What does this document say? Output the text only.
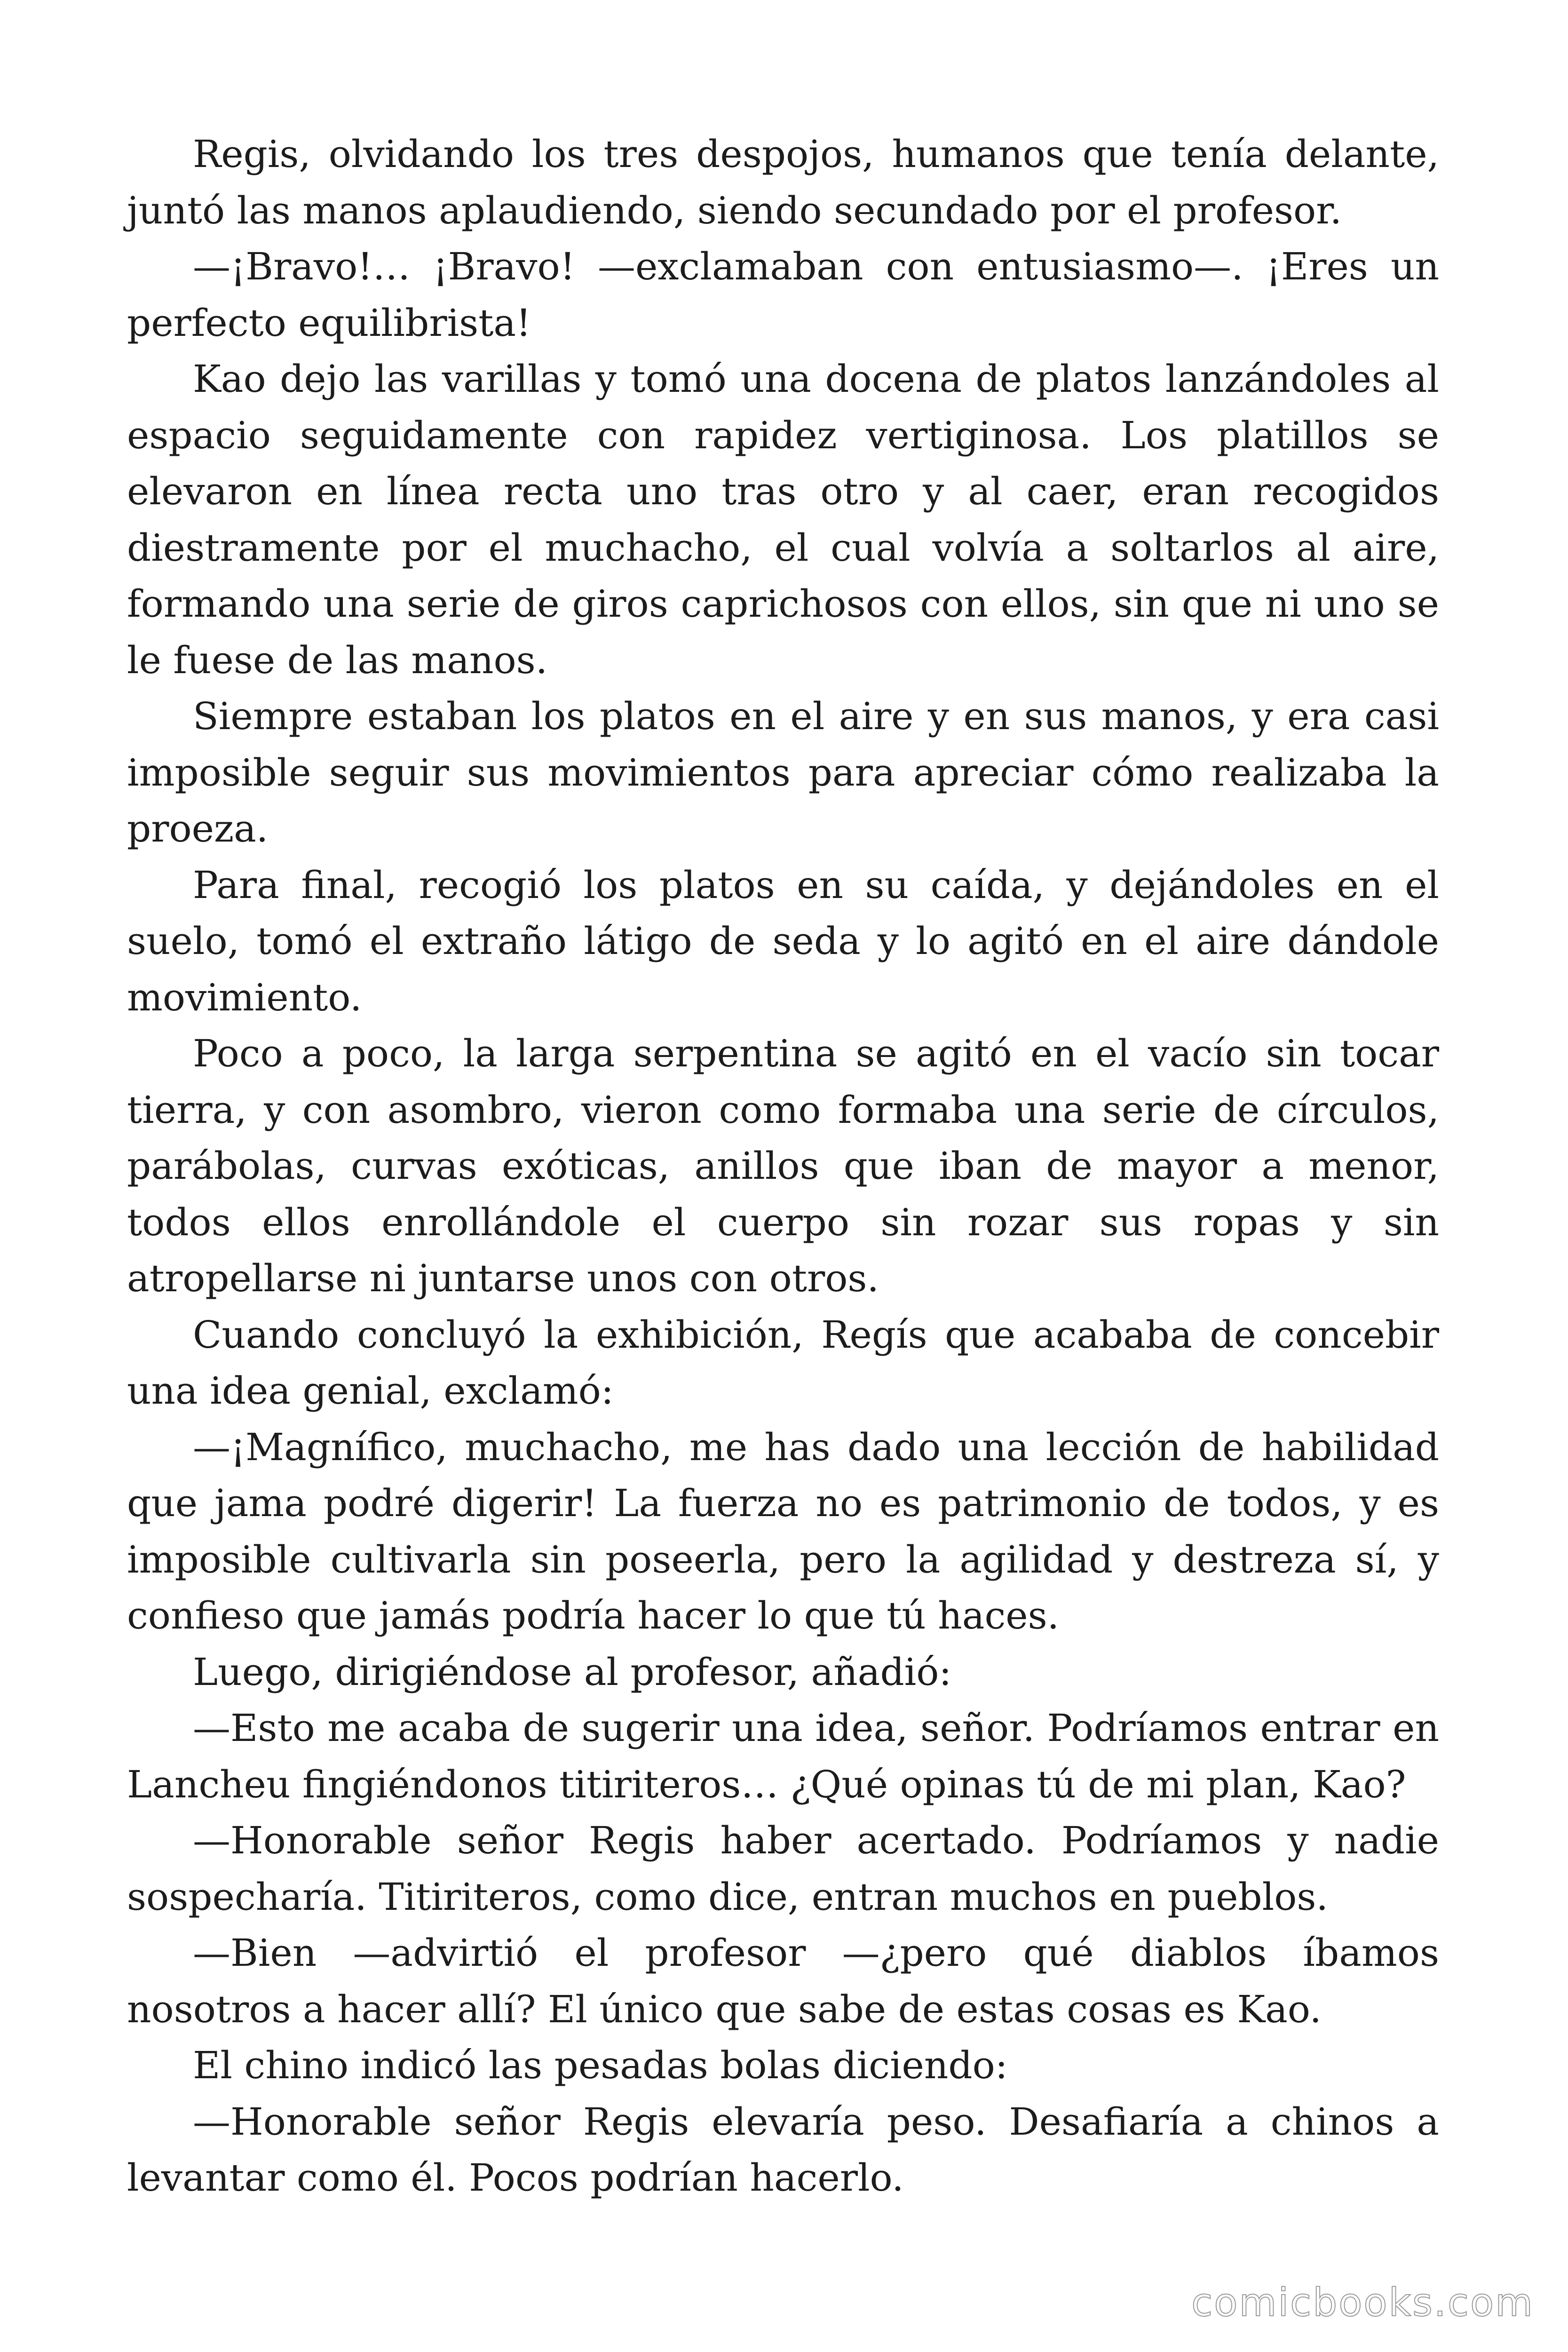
Regis, olvidando los tres despojos, humanos que tenía delante, juntó las manos aplaudiendo, siendo secundado por el profesor.

—¡Bravo!… ¡Bravo! —exclamaban con entusiasmo—. ¡Eres un perfecto equilibrista!

Kao dejo las varillas y tomó una docena de platos lanzándoles al espacio seguidamente con rapidez vertiginosa. Los platillos se elevaron en línea recta uno tras otro y al caer, eran recogidos diestramente por el muchacho, el cual volvía a soltarlos al aire, formando una serie de giros caprichosos con ellos, sin que ni uno se le fuese de las manos.

Siempre estaban los platos en el aire y en sus manos, y era casi imposible seguir sus movimientos para apreciar cómo realizaba la proeza.

Para final, recogió los platos en su caída, y dejándoles en el suelo, tomó el extraño látigo de seda y lo agitó en el aire dándole movimiento.

Poco a poco, la larga serpentina se agitó en el vacío sin tocar tierra, y con asombro, vieron como formaba una serie de círculos, parábolas, curvas exóticas, anillos que iban de mayor a menor, todos ellos enrollándole el cuerpo sin rozar sus ropas y sin atropellarse ni juntarse unos con otros.

Cuando concluyó la exhibición, Regís que acababa de concebir una idea genial, exclamó:

—¡Magnífico, muchacho, me has dado una lección de habilidad que jama podré digerir! La fuerza no es patrimonio de todos, y es imposible cultivarla sin poseerla, pero la agilidad y destreza sí, y confieso que jamás podría hacer lo que tú haces.

Luego, dirigiéndose al profesor, añadió:

—Esto me acaba de sugerir una idea, señor. Podríamos entrar en Lancheu fingiéndonos titiriteros… ¿Qué opinas tú de mi plan, Kao?

—Honorable señor Regis haber acertado. Podríamos y nadie sospecharía. Titiriteros, como dice, entran muchos en pueblos.

—Bien —advirtió el profesor —¿pero qué diablos íbamos nosotros a hacer allí? El único que sabe de estas cosas es Kao.

El chino indicó las pesadas bolas diciendo:

—Honorable señor Regis elevaría peso. Desafiaría a chinos a levantar como él. Pocos podrían hacerlo.

comicbooks.com
